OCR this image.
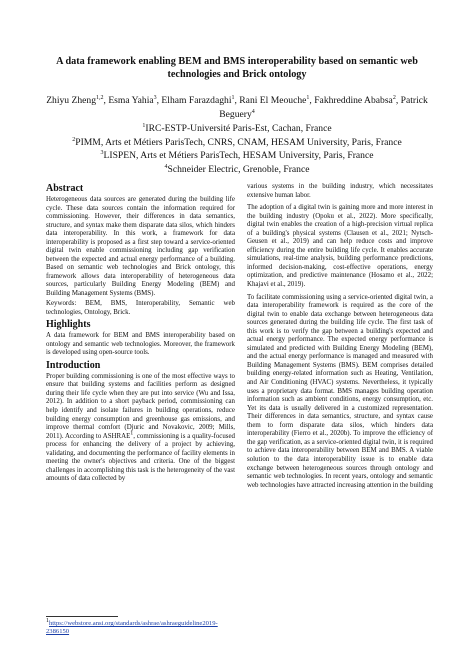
A data framework enabling BEM and BMS interoperability based on semantic web technologies and Brick ontology
Zhiyu Zheng$^{1,2}$, Esma Yahia$^3$, Elham Farazdaghi$^1$, Rani El Meouche$^1$, Fakhreddine Ababsa$^2$, Patrick Beguery$^4$
$^1$IRC-ESTP-Université Paris-Est, Cachan, France
$^2$PIMM, Arts et Métiers ParisTech, CNRS, CNAM, HESAM University, Paris, France
$^3$LISPEN, Arts et Métiers ParisTech, HESAM University, Paris, France
$^4$Schneider Electric, Grenoble, France
Abstract

Heterogeneous data sources are generated during the building life cycle. These data sources contain the information required for commissioning. However, their differences in data semantics, structure, and syntax make them disparate data silos, which hinders data interoperability. In this work, a framework for data interoperability is proposed as a first step toward a service-oriented digital twin enable commissioning including gap verification between the expected and actual energy performance of a building. Based on semantic web technologies and Brick ontology, this framework allows data interoperability of heterogeneous data sources, particularly Building Energy Modeling (BEM) and Building Management Systems (BMS).

Keywords: BEM, BMS, Interoperability, Semantic web technologies, Ontology, Brick.

Highlights

A data framework for BEM and BMS interoperability based on ontology and semantic web technologies. Moreover, the framework is developed using open-source tools.

Introduction

Proper building commissioning is one of the most effective ways to ensure that building systems and facilities perform as designed during their life cycle when they are put into service (Wu and Issa, 2012). In addition to a short payback period, commissioning can help identify and isolate failures in building operations, reduce building energy consumption and greenhouse gas emissions, and improve thermal comfort (Djuric and Novakovic, 2009; Mills, 2011). According to ASHRAE$^1$, commissioning is a quality-focused process for enhancing the delivery of a project by achieving, validating, and documenting the performance of facility elements in meeting the owner's objectives and criteria. One of the biggest challenges in accomplishing this task is the heterogeneity of the vast amounts of data collected by

various systems in the building industry, which necessitates extensive human labor.

The adoption of a digital twin is gaining more and more interest in the building industry (Opoku et al., 2022). More specifically, digital twin enables the creation of a high-precision virtual replica of a building's physical systems (Clausen et al., 2021; Nytsch-Geusen et al., 2019) and can help reduce costs and improve efficiency during the entire building life cycle. It enables accurate simulations, real-time analysis, building performance predictions, informed decision-making, cost-effective operations, energy optimization, and predictive maintenance (Hosamo et al., 2022; Khajavi et al., 2019).

To facilitate commissioning using a service-oriented digital twin, a data interoperability framework is required as the core of the digital twin to enable data exchange between heterogeneous data sources generated during the building life cycle. The first task of this work is to verify the gap between a building's expected and actual energy performance. The expected energy performance is simulated and predicted with Building Energy Modeling (BEM), and the actual energy performance is managed and measured with Building Management Systems (BMS). BEM comprises detailed building energy-related information such as Heating, Ventilation, and Air Conditioning (HVAC) systems. Nevertheless, it typically uses a proprietary data format. BMS manages building operation information such as ambient conditions, energy consumption, etc. Yet its data is usually delivered in a customized representation. Their differences in data semantics, structure, and syntax cause them to form disparate data silos, which hinders data interoperability (Fierro et al., 2020b). To improve the efficiency of the gap verification, as a service-oriented digital twin, it is required to achieve data interoperability between BEM and BMS. A viable solution to the data interoperability issue is to enable data exchange between heterogeneous sources through ontology and semantic web technologies. In recent years, ontology and semantic web technologies have attracted increasing attention in the building

$^1$https://webstore.ansi.org/standards/ashrae/ashraeguideline2019-2386150
